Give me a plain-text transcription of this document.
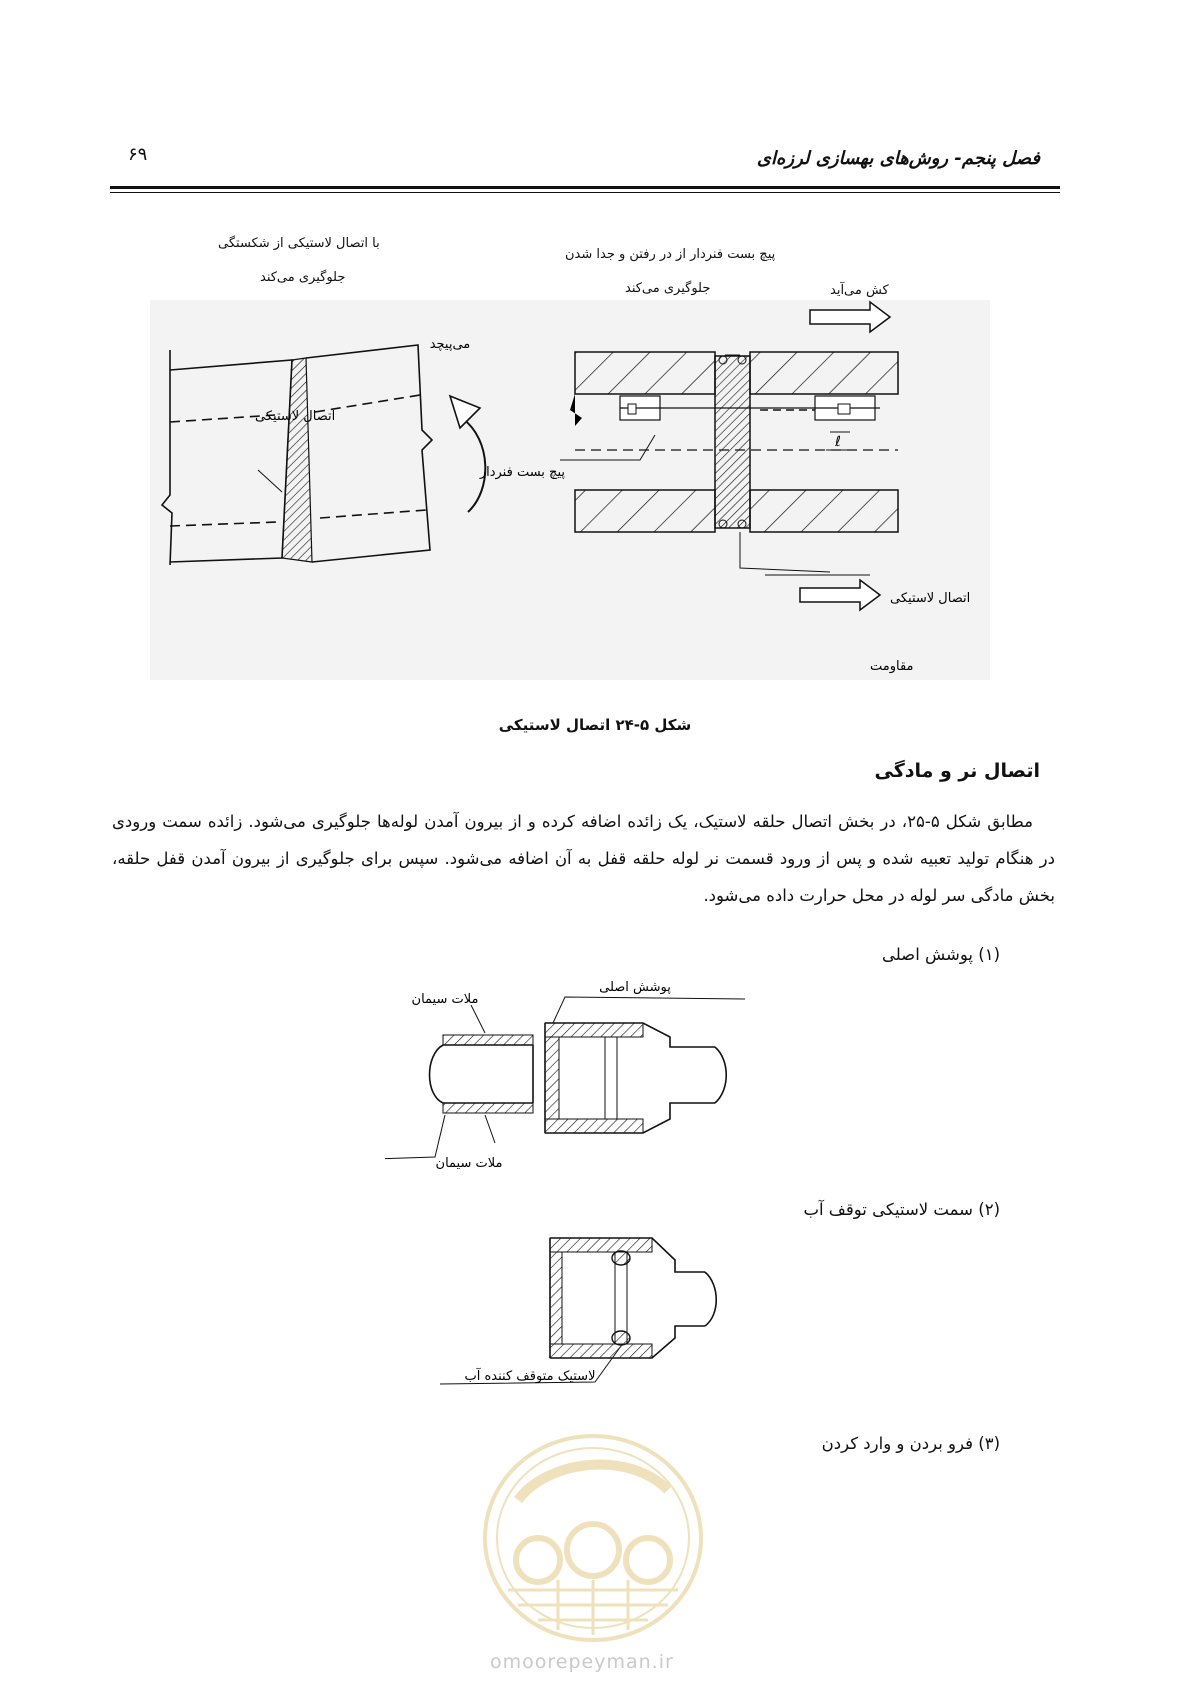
فصل پنجم- روش‌های بهسازی لرزه‌ای
۶۹
با اتصال لاستیکی از شکستگی
جلوگیری می‌کند
پیچ بست فنردار از در رفتن و جدا شدن
جلوگیری می‌کند	کش می‌آید
می‌پیچد
اتصال لاستیکی
پیچ بست فنردار
ℓ
اتصال لاستیکی
مقاومت
شکل ۵-۲۴ اتصال لاستیکی
اتصال نر و مادگی
مطابق شکل ۵-۲۵، در بخش اتصال حلقه لاستیک، یک زائده اضافه کرده و از بیرون آمدن لوله‌ها جلوگیری می‌شود. زائده سمت ورودی در هنگام تولید تعبیه شده و پس از ورود قسمت نر لوله حلقه قفل به آن اضافه می‌شود. سپس برای جلوگیری از بیرون آمدن قفل حلقه، بخش مادگی سر لوله در محل حرارت داده می‌شود.
(۱) پوشش اصلی
(۲) سمت لاستیکی توقف آب
(۳) فرو بردن و وارد کردن
پوشش اصلی
ملات سیمان
ملات سیمان
لاستیک متوقف کننده آب
omoorepeyman.ir
